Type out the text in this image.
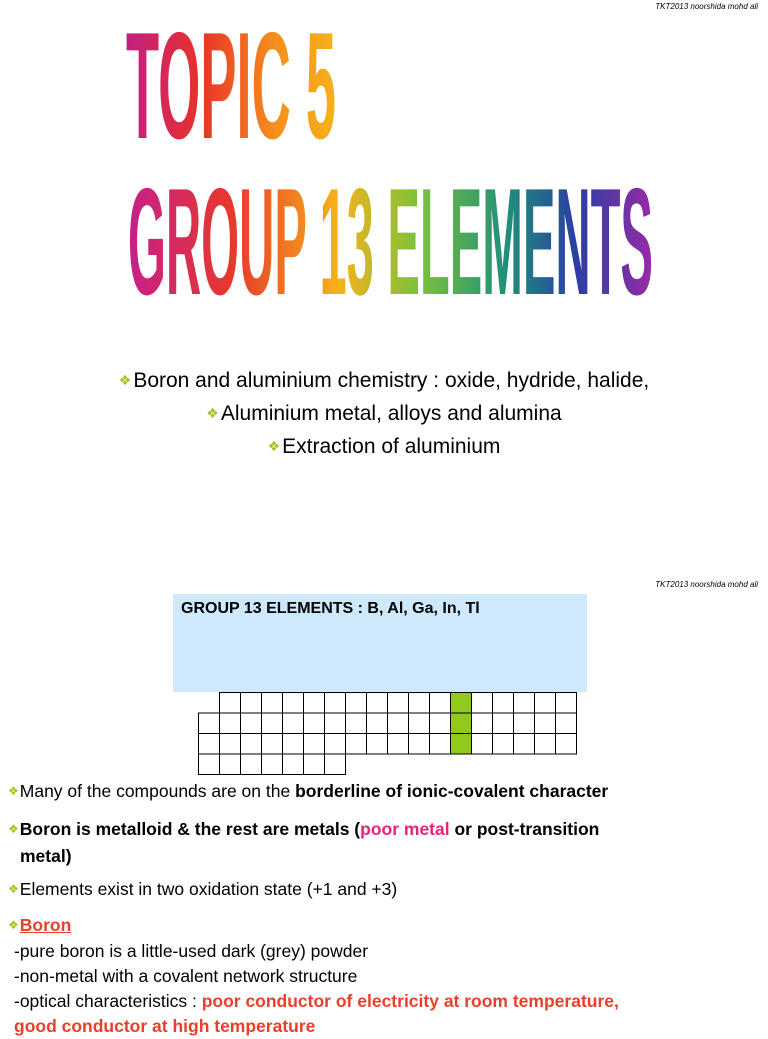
TKT2013 noorshida mohd ali
TOPIC 5
GROUP 13 ELEMENTS
❖Boron and aluminium chemistry : oxide, hydride, halide,
❖Aluminium metal, alloys and alumina
❖Extraction of aluminium
TKT2013 noorshida mohd ali
GROUP 13 ELEMENTS : B, Al, Ga, In, Tl
❖Many of the compounds are on the borderline of ionic-covalent character
❖Boron is metalloid & the rest are metals (poor metal or post-transition
metal)
❖Elements exist in two oxidation state (+1 and +3)
❖Boron
-pure boron is a little-used dark (grey) powder
-non-metal with a covalent network structure
-optical characteristics : poor conductor of electricity at room temperature,
good conductor at high temperature
